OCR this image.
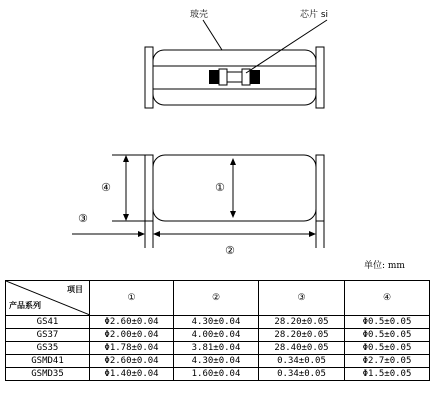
玻壳	芯片 si
④	①
③
②
单位: mm
项目
产品系列	①	②	③	④
GS41	Φ2.60±0.04	4.30±0.04	28.20±0.05	Φ0.5±0.05
GS37	Φ2.00±0.04	4.00±0.04	28.20±0.05	Φ0.5±0.05
GS35	Φ1.78±0.04	3.81±0.04	28.40±0.05	Φ0.5±0.05
GSMD41	Φ2.60±0.04	4.30±0.04	0.34±0.05	Φ2.7±0.05
GSMD35	Φ1.40±0.04	1.60±0.04	0.34±0.05	Φ1.5±0.05
